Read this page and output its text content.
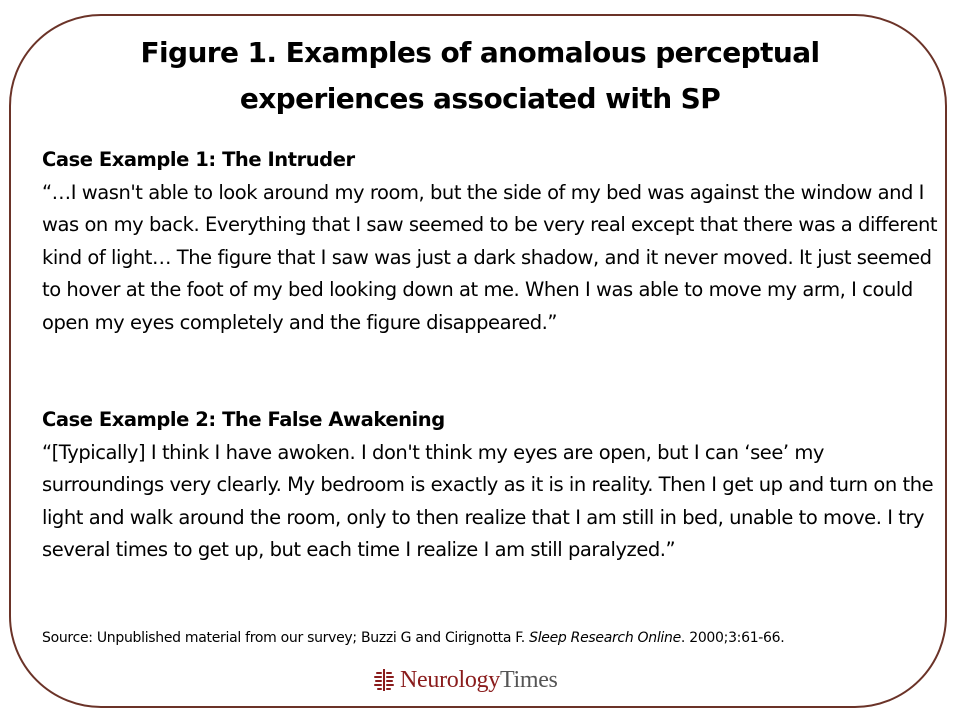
Figure 1. Examples of anomalous perceptual
experiences associated with SP

Case Example 1: The Intruder

“…I wasn't able to look around my room, but the side of my bed was against the window and I was on my back. Everything that I saw seemed to be very real except that there was a different kind of light… The figure that I saw was just a dark shadow, and it never moved. It just seemed to hover at the foot of my bed looking down at me. When I was able to move my arm, I could open my eyes completely and the figure disappeared.”

Case Example 2: The False Awakening

“[Typically] I think I have awoken. I don't think my eyes are open, but I can ‘see’ my surroundings very clearly. My bedroom is exactly as it is in reality. Then I get up and turn on the light and walk around the room, only to then realize that I am still in bed, unable to move. I try several times to get up, but each time I realize I am still paralyzed.”

Source: Unpublished material from our survey; Buzzi G and Cirignotta F. Sleep Research Online. 2000;3:61-66.
NeurologyTimes
